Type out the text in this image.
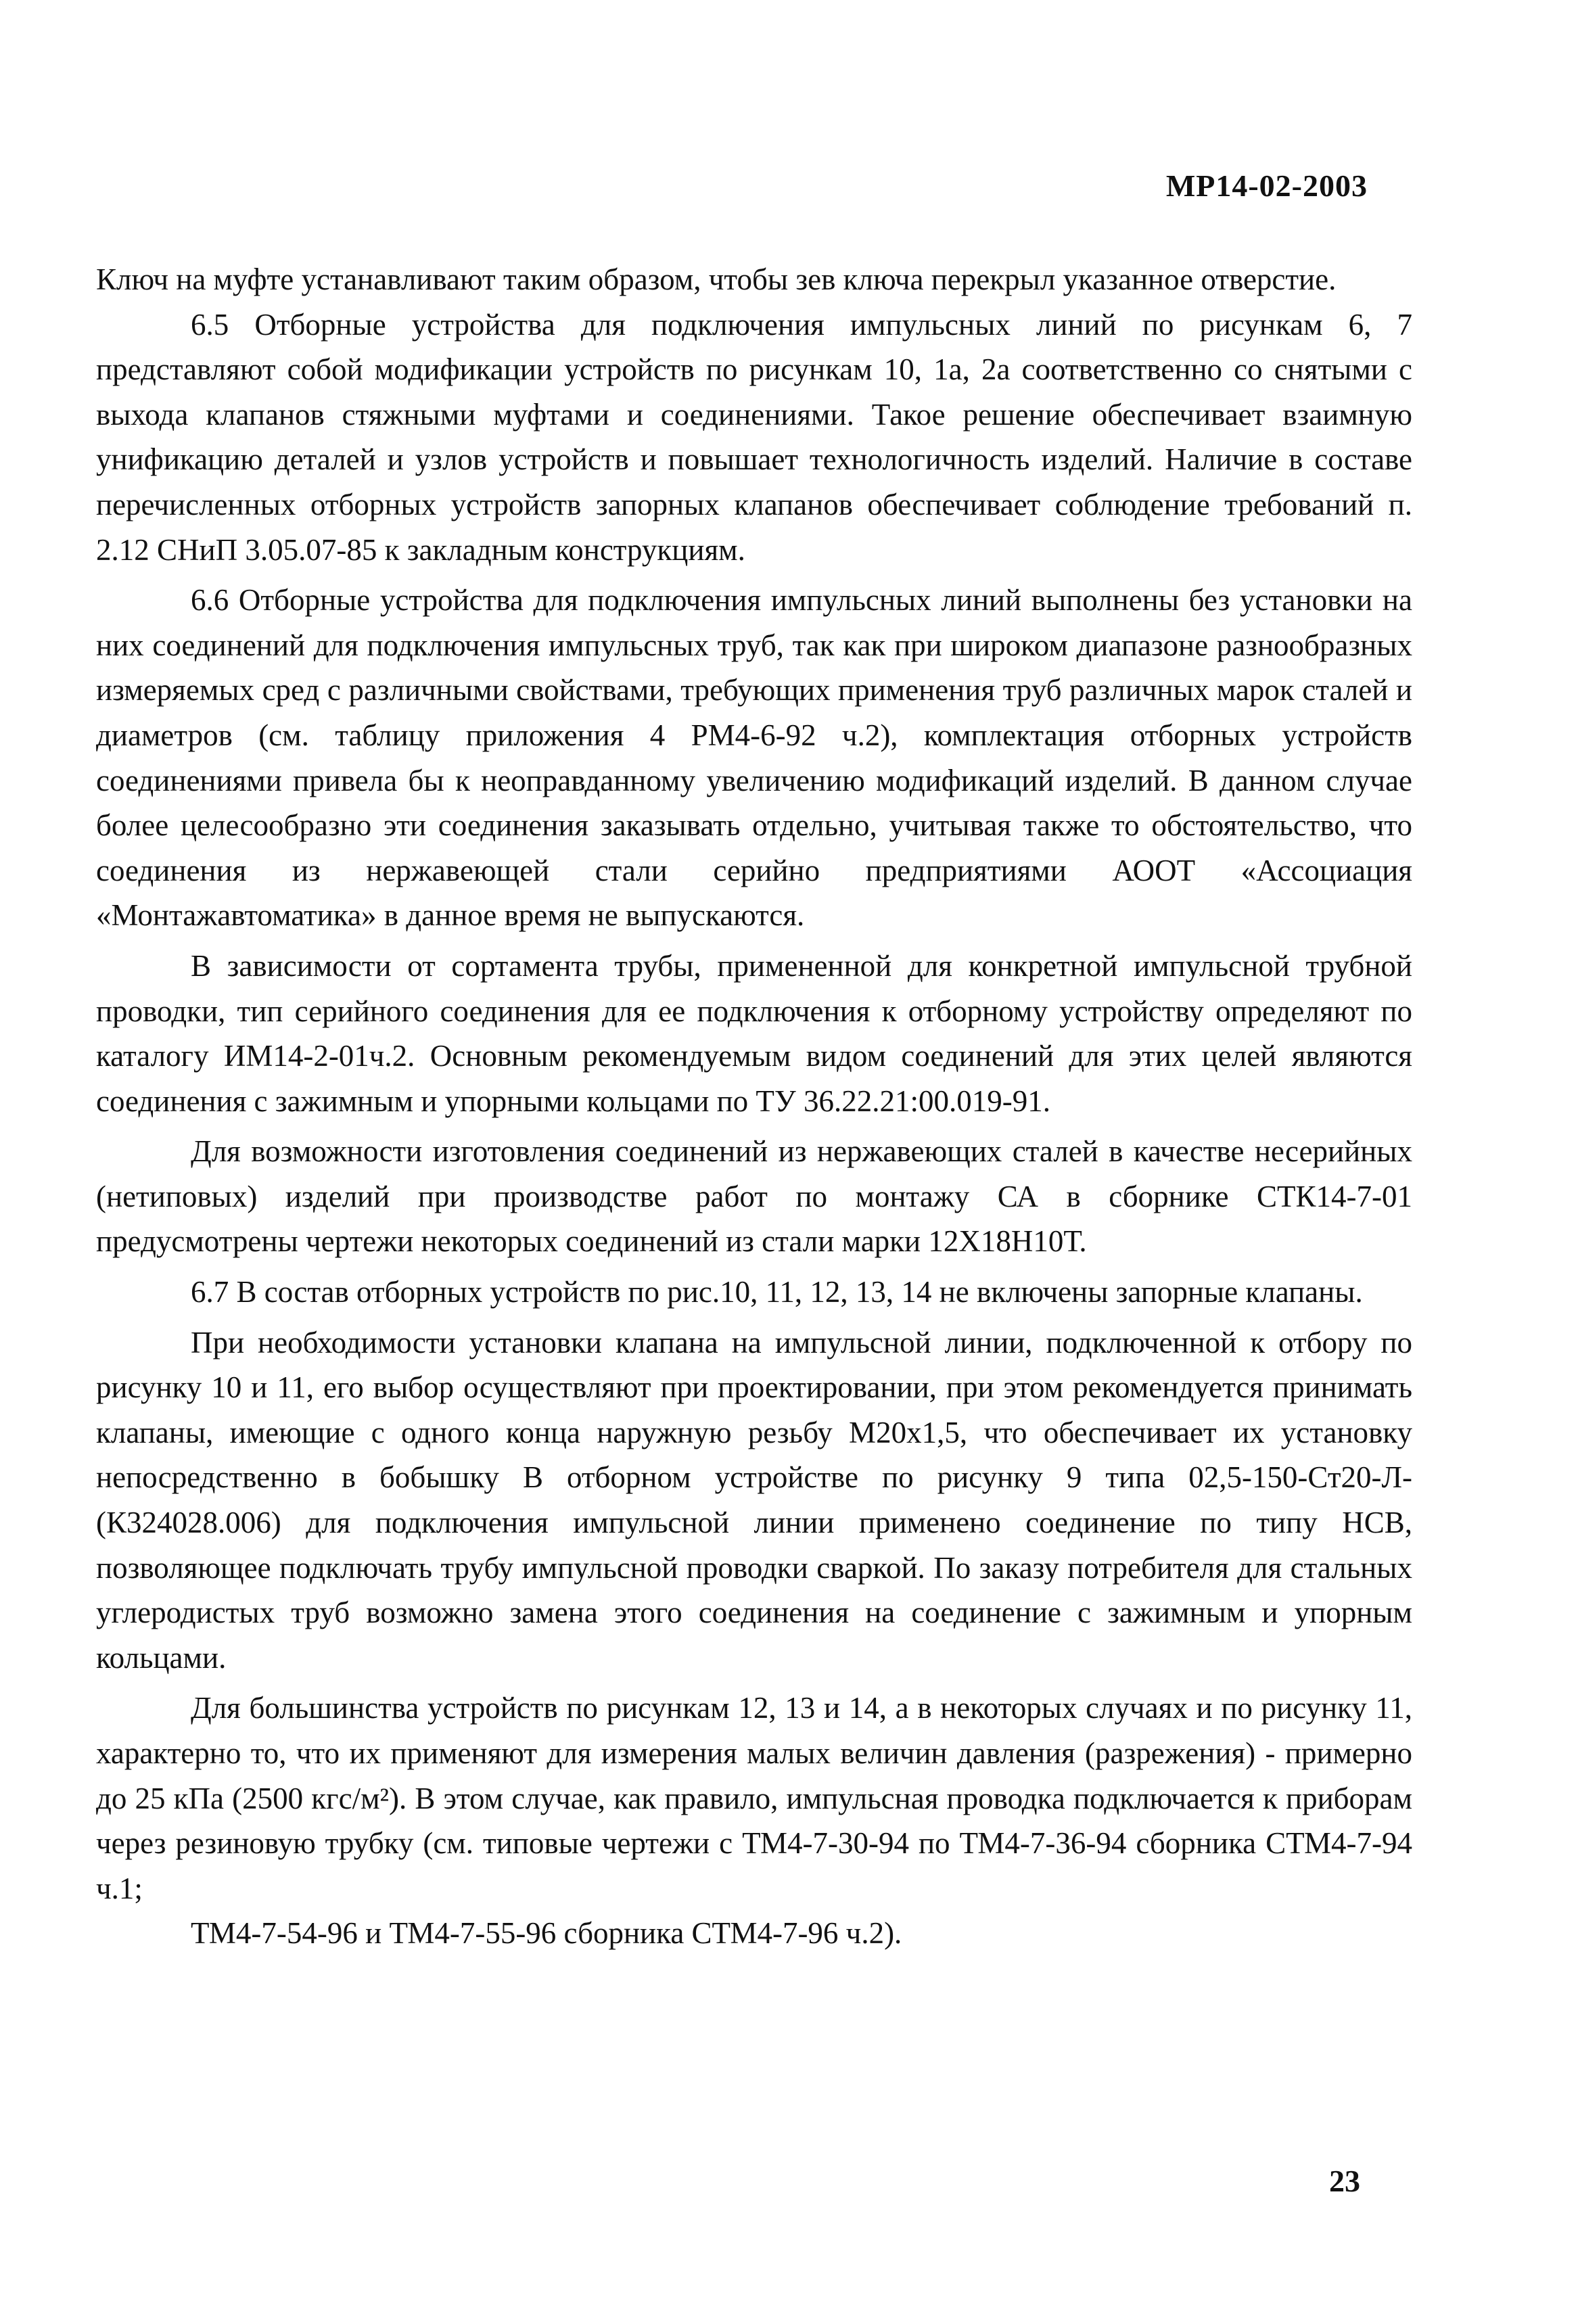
МР14-02-2003

Ключ на муфте устанавливают таким образом, чтобы зев ключа перекрыл указанное отверстие.

6.5 Отборные устройства для подключения импульсных линий по рисункам 6, 7 представляют собой модификации устройств по рисункам 10, 1а, 2а соответственно со снятыми с выхода клапанов стяжными муфтами и соединениями. Такое решение обеспечивает взаимную унификацию деталей и узлов устройств и повышает технологичность изделий. Наличие в составе перечисленных отборных устройств запорных клапанов обеспечивает соблюдение требований п. 2.12 СНиП 3.05.07-85 к закладным конструкциям.

6.6 Отборные устройства для подключения импульсных линий выполнены без установки на них соединений для подключения импульсных труб, так как при широком диапазоне разнообразных измеряемых сред с различными свойствами, требующих применения труб различных марок сталей и диаметров (см. таблицу приложения 4 РМ4-6-92 ч.2), комплектация отборных устройств соединениями привела бы к неоправданному увеличению модификаций изделий. В данном случае более целесообразно эти соединения заказывать отдельно, учитывая также то обстоятельство, что соединения из нержавеющей стали серийно предприятиями АООТ «Ассоциация «Монтажавтоматика» в данное время не выпускаются.

В зависимости от сортамента трубы, примененной для конкретной импульсной трубной проводки, тип серийного соединения для ее подключения к отборному устройству определяют по каталогу ИМ14-2-01ч.2. Основным рекомендуемым видом соединений для этих целей являются соединения с зажимным и упорными кольцами по ТУ 36.22.21:00.019-91.

Для возможности изготовления соединений из нержавеющих сталей в качестве несерийных (нетиповых) изделий при производстве работ по монтажу СА в сборнике СТК14-7-01 предусмотрены чертежи некоторых соединений из стали марки 12Х18Н10Т.

6.7 В состав отборных устройств по рис.10, 11, 12, 13, 14 не включены запорные клапаны.

При необходимости установки клапана на импульсной линии, подключенной к отбору по рисунку 10 и 11, его выбор осуществляют при проектировании, при этом рекомендуется принимать клапаны, имеющие с одного конца наружную резьбу М20х1,5, что обеспечивает их установку непосредственно в бобышку В отборном устройстве по рисунку 9 типа 02,5-150-Ст20-Л-(К324028.006) для подключения импульсной линии применено соединение по типу НСВ, позволяющее подключать трубу импульсной проводки сваркой. По заказу потребителя для стальных углеродистых труб возможно замена этого соединения на соединение с зажимным и упорным кольцами.

Для большинства устройств по рисункам 12, 13 и 14, а в некоторых случаях и по рисунку 11, характерно то, что их применяют для измерения малых величин давления (разрежения) - примерно до 25 кПа (2500 кгс/м²). В этом случае, как правило, импульсная проводка подключается к приборам через резиновую трубку (см. типовые чертежи с ТМ4-7-30-94 по ТМ4-7-36-94 сборника СТМ4-7-94 ч.1;

ТМ4-7-54-96 и ТМ4-7-55-96 сборника СТМ4-7-96 ч.2).

23
